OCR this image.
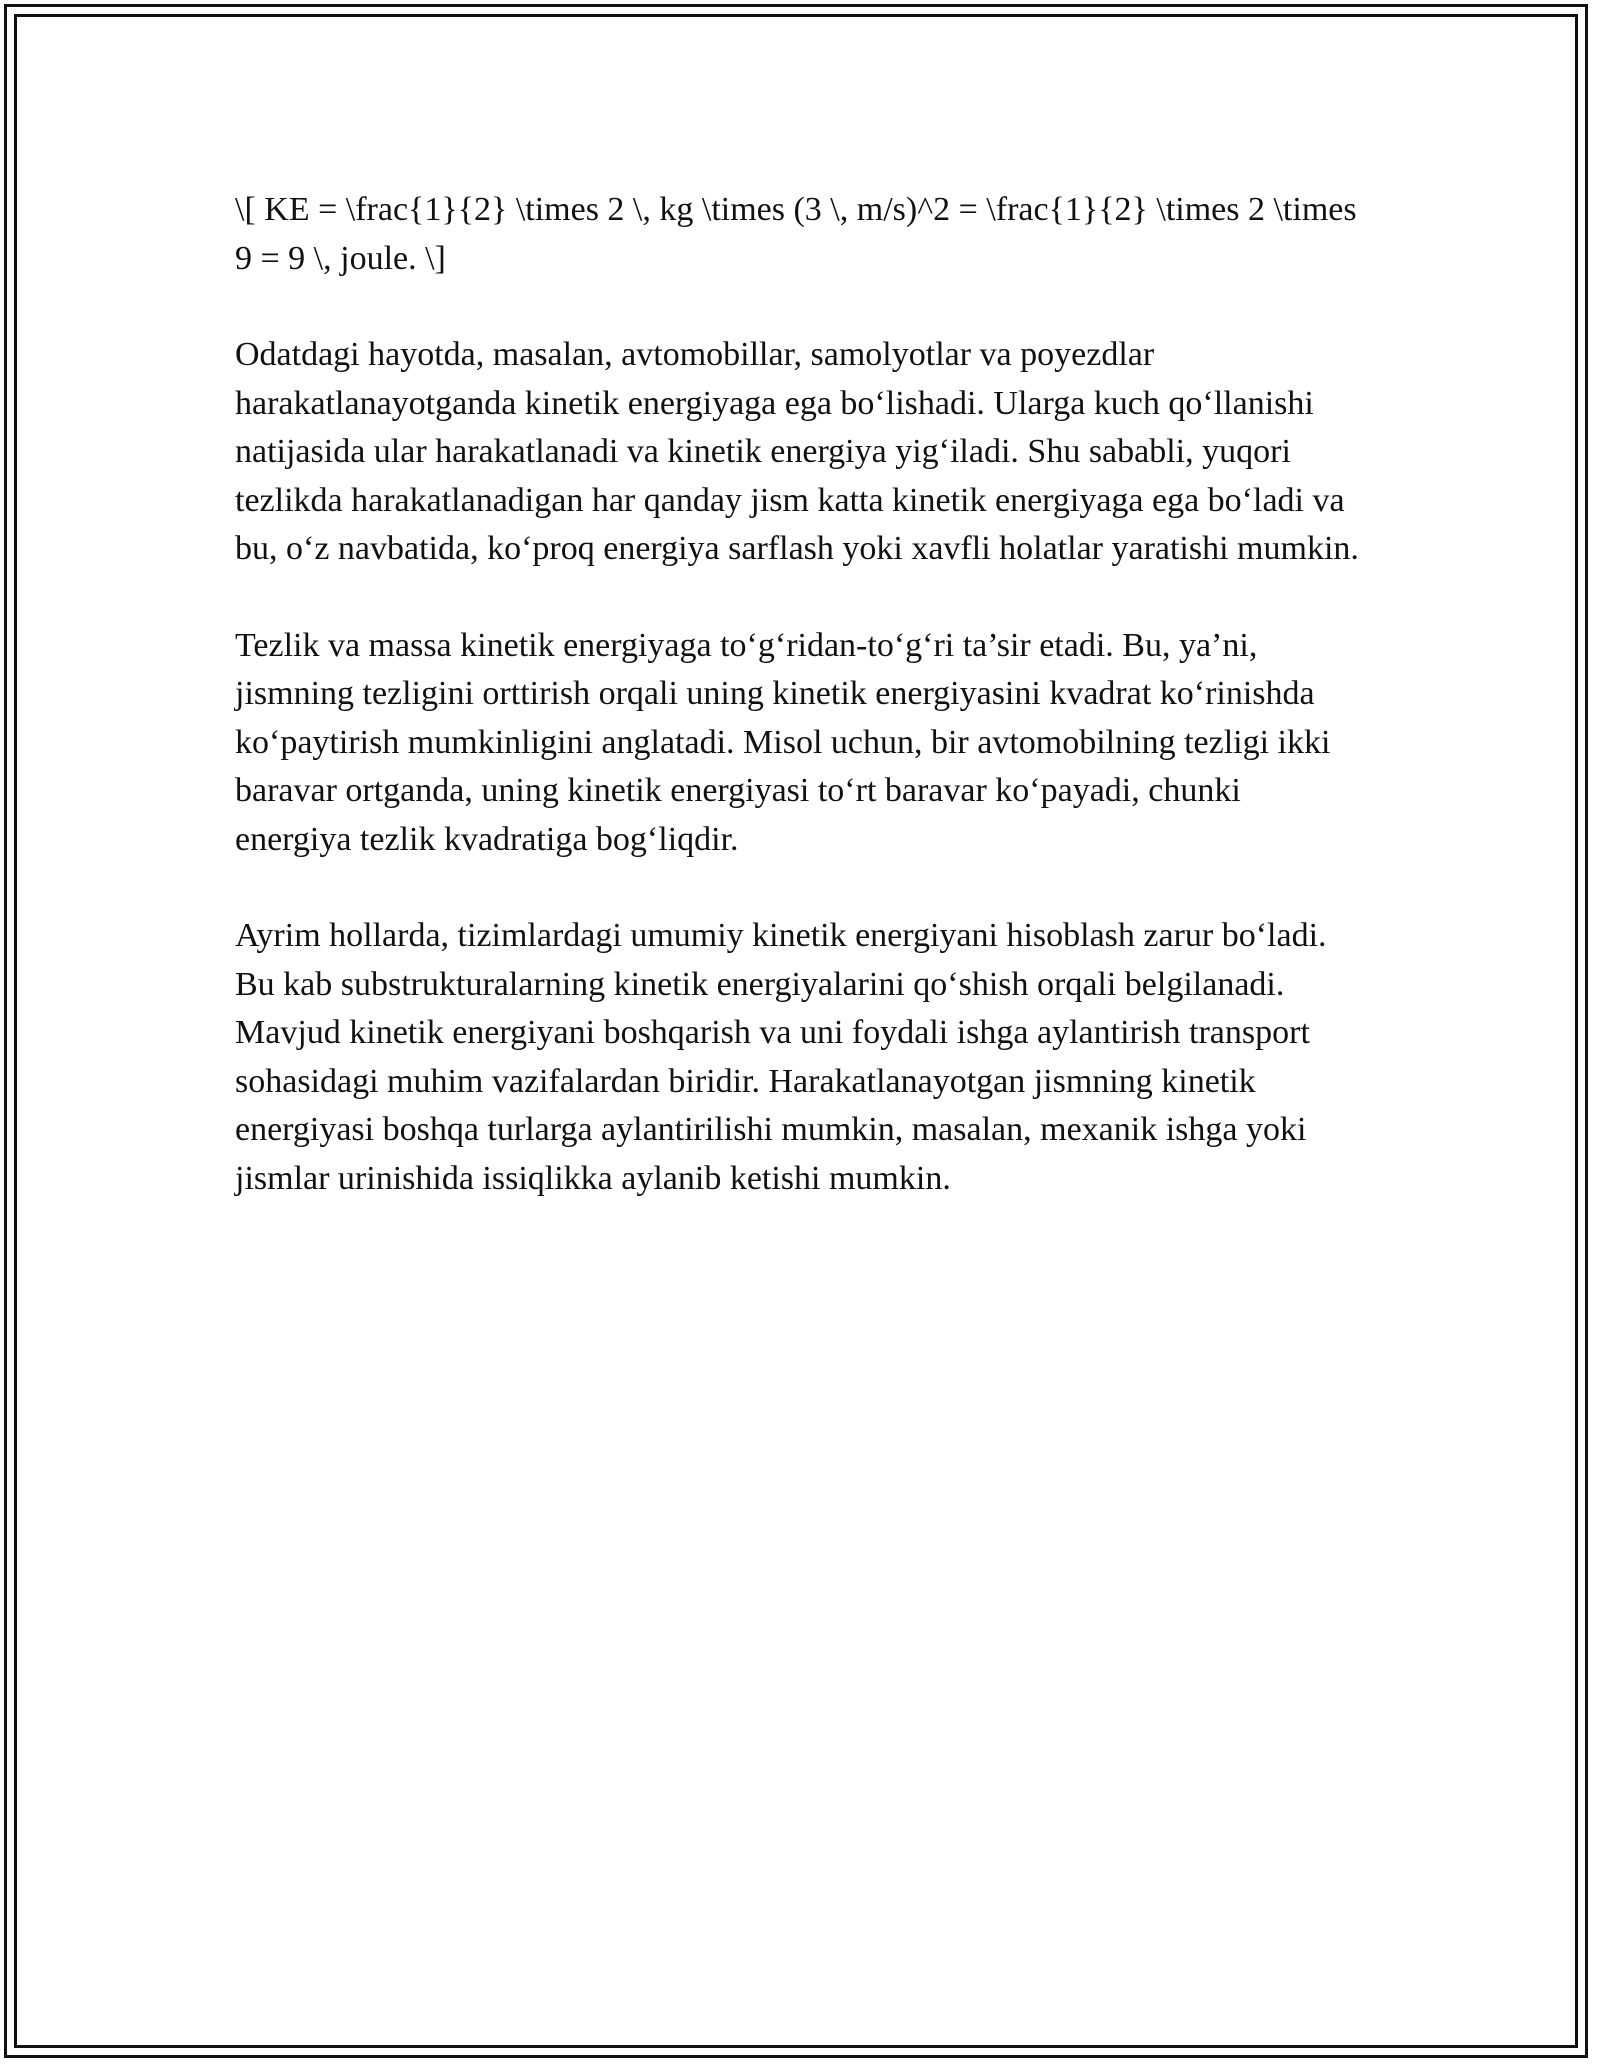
\[ KE = \frac{1}{2} \times 2 \, kg \times (3 \, m/s)^2 = \frac{1}{2} \times 2 \times 9 = 9 \, joule. \]

Odatdagi hayotda, masalan, avtomobillar, samolyotlar va poyezdlar harakatlanayotganda kinetik energiyaga ega bo‘lishadi. Ularga kuch qo‘llanishi natijasida ular harakatlanadi va kinetik energiya yig‘iladi. Shu sababli, yuqori tezlikda harakatlanadigan har qanday jism katta kinetik energiyaga ega bo‘ladi va bu, o‘z navbatida, ko‘proq energiya sarflash yoki xavfli holatlar yaratishi mumkin.

Tezlik va massa kinetik energiyaga to‘g‘ridan-to‘g‘ri ta’sir etadi. Bu, ya’ni, jismning tezligini orttirish orqali uning kinetik energiyasini kvadrat ko‘rinishda ko‘paytirish mumkinligini anglatadi. Misol uchun, bir avtomobilning tezligi ikki baravar ortganda, uning kinetik energiyasi to‘rt baravar ko‘payadi, chunki energiya tezlik kvadratiga bog‘liqdir.

Ayrim hollarda, tizimlardagi umumiy kinetik energiyani hisoblash zarur bo‘ladi. Bu kab substrukturalarning kinetik energiyalarini qo‘shish orqali belgilanadi. Mavjud kinetik energiyani boshqarish va uni foydali ishga aylantirish transport sohasidagi muhim vazifalardan biridir. Harakatlanayotgan jismning kinetik energiyasi boshqa turlarga aylantirilishi mumkin, masalan, mexanik ishga yoki jismlar urinishida issiqlikka aylanib ketishi mumkin.
